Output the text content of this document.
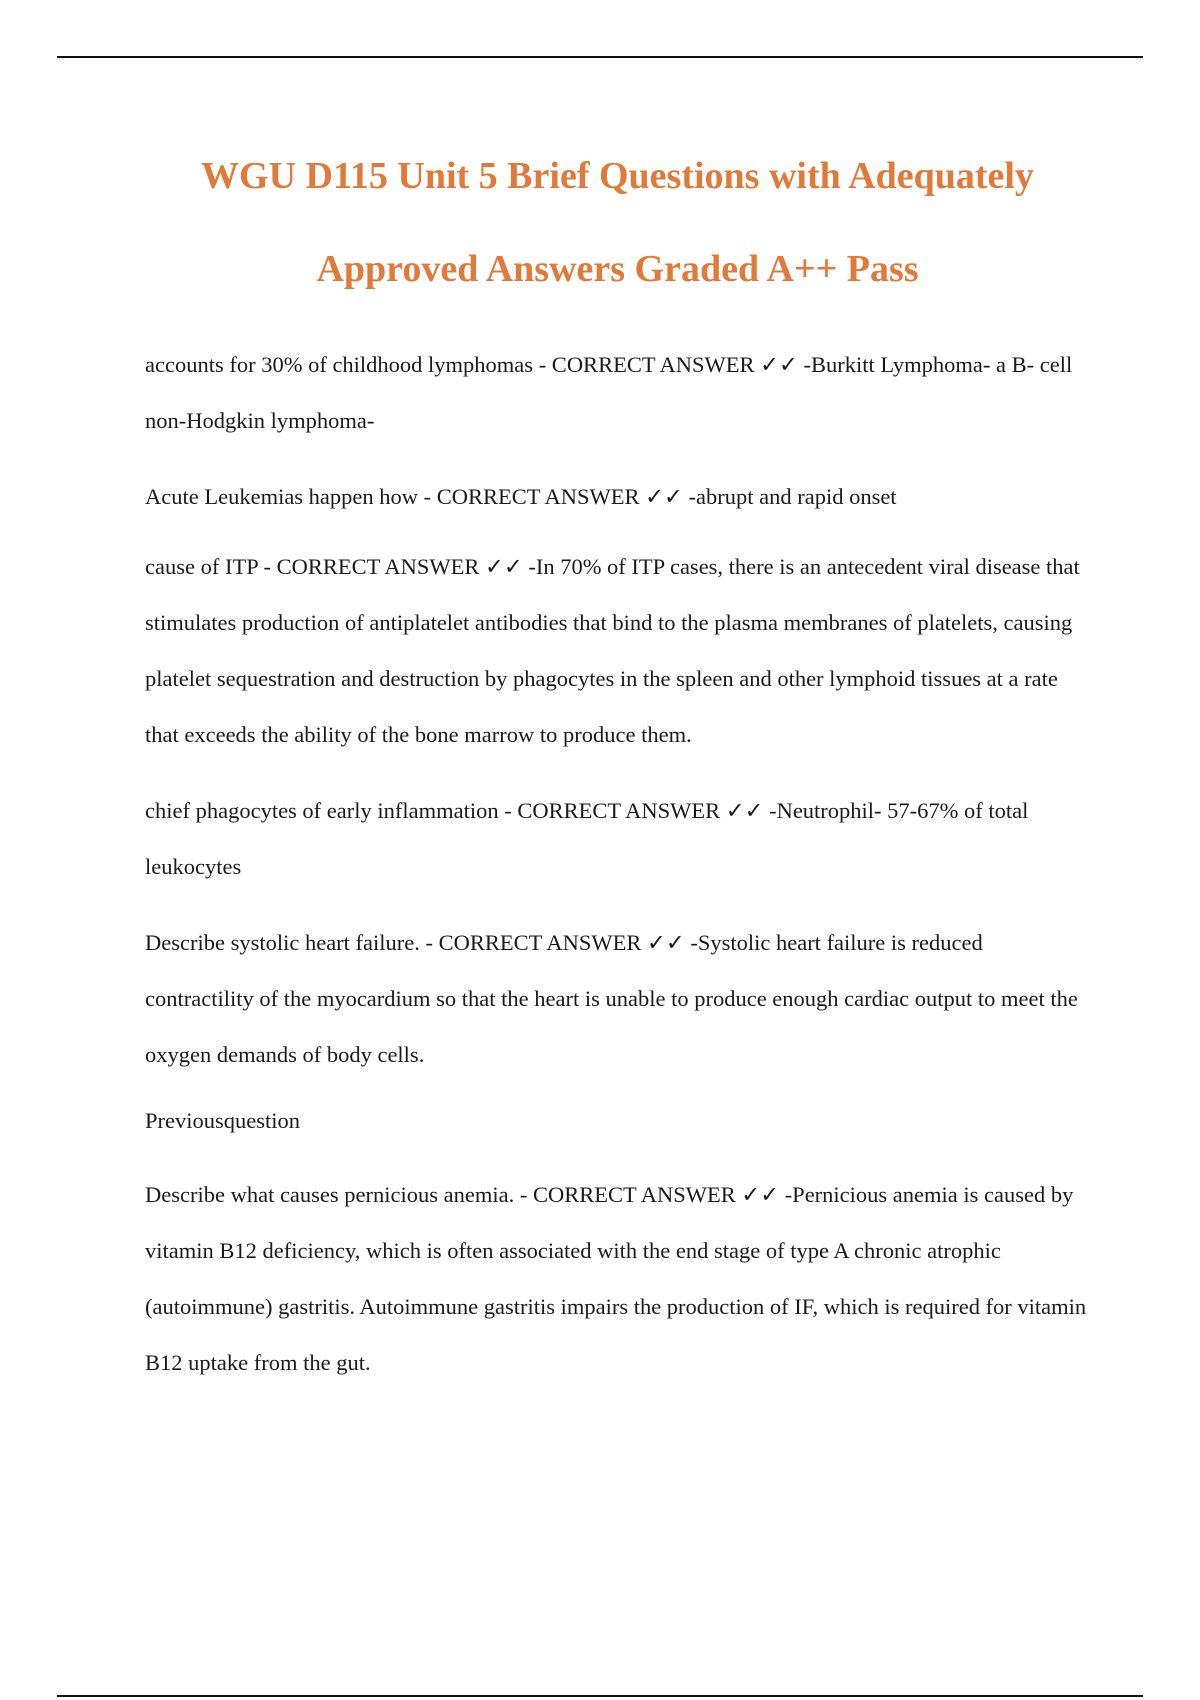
WGU D115 Unit 5 Brief Questions with Adequately
Approved Answers Graded A++ Pass

accounts for 30% of childhood lymphomas - CORRECT ANSWER ✓✓ -Burkitt Lymphoma- a B- cell non-Hodgkin lymphoma-

Acute Leukemias happen how - CORRECT ANSWER ✓✓ -abrupt and rapid onset

cause of ITP - CORRECT ANSWER ✓✓ -In 70% of ITP cases, there is an antecedent viral disease that stimulates production of antiplatelet antibodies that bind to the plasma membranes of platelets, causing platelet sequestration and destruction by phagocytes in the spleen and other lymphoid tissues at a rate that exceeds the ability of the bone marrow to produce them.

chief phagocytes of early inflammation - CORRECT ANSWER ✓✓ -Neutrophil- 57-67% of total leukocytes

Describe systolic heart failure. - CORRECT ANSWER ✓✓ -Systolic heart failure is reduced contractility of the myocardium so that the heart is unable to produce enough cardiac output to meet the oxygen demands of body cells.

Previousquestion

Describe what causes pernicious anemia. - CORRECT ANSWER ✓✓ -Pernicious anemia is caused by vitamin B12 deficiency, which is often associated with the end stage of type A chronic atrophic (autoimmune) gastritis. Autoimmune gastritis impairs the production of IF, which is required for vitamin B12 uptake from the gut.
